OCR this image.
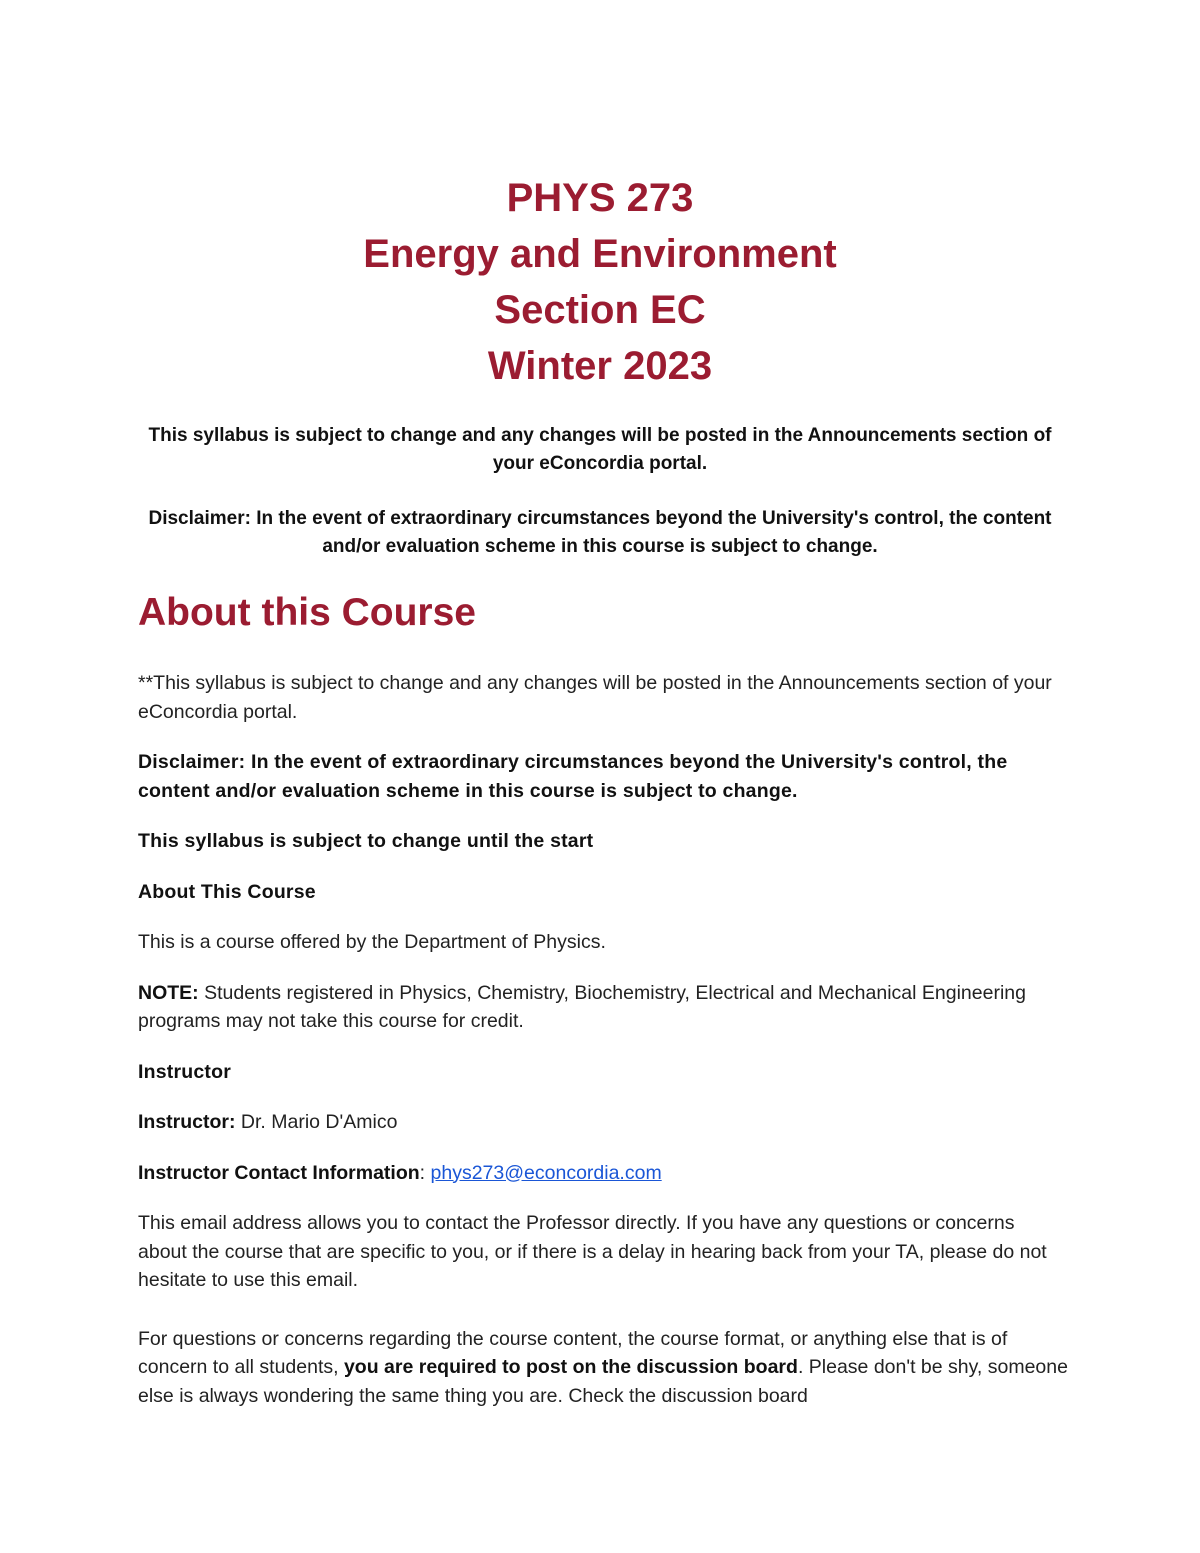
PHYS 273
Energy and Environment
Section EC
Winter 2023
This syllabus is subject to change and any changes will be posted in the Announcements section of your eConcordia portal.
Disclaimer: In the event of extraordinary circumstances beyond the University's control, the content and/or evaluation scheme in this course is subject to change.
About this Course

**This syllabus is subject to change and any changes will be posted in the Announcements section of your eConcordia portal.

Disclaimer: In the event of extraordinary circumstances beyond the University's control, the content and/or evaluation scheme in this course is subject to change.

This syllabus is subject to change until the start

About This Course

This is a course offered by the Department of Physics.

NOTE: Students registered in Physics, Chemistry, Biochemistry, Electrical and Mechanical Engineering programs may not take this course for credit.

Instructor

Instructor: Dr. Mario D'Amico

Instructor Contact Information: phys273@econcordia.com

This email address allows you to contact the Professor directly. If you have any questions or concerns about the course that are specific to you, or if there is a delay in hearing back from your TA, please do not hesitate to use this email.

For questions or concerns regarding the course content, the course format, or anything else that is of concern to all students, you are required to post on the discussion board. Please don't be shy, someone else is always wondering the same thing you are. Check the discussion board
